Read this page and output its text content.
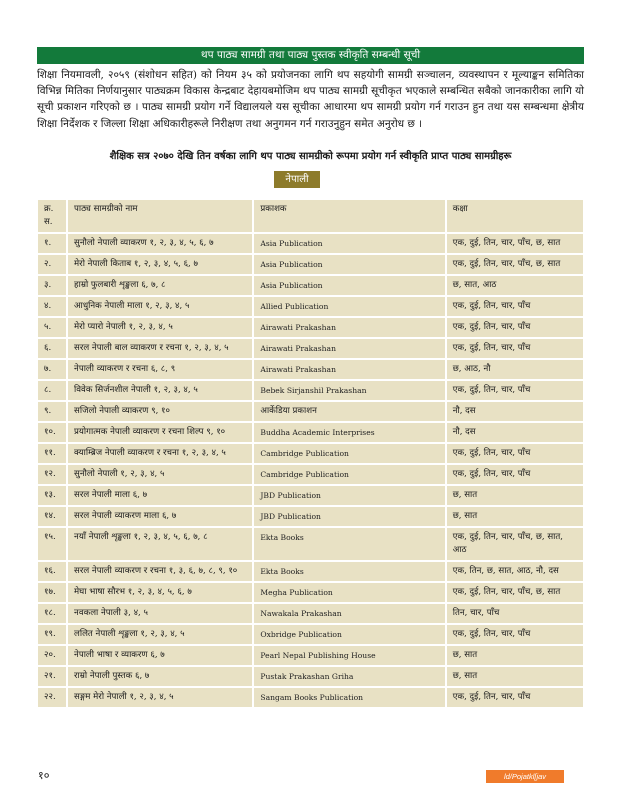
थप पाठ्य सामग्री तथा पाठ्य पुस्तक स्वीकृति सम्बन्धी सूची

शिक्षा नियमावली, २०५९ (संशोधन सहित) को नियम ३५ को प्रयोजनका लागि थप सहयोगी सामग्री सञ्चालन, व्यवस्थापन र मूल्याङ्कन समितिका विभिन्न मितिका निर्णयानुसार पाठ्यक्रम विकास केन्द्रबाट देहायबमोजिम थप पाठ्य सामग्री सूचीकृत भएकाले सम्बन्धित सबैको जानकारीका लागि यो सूची प्रकाशन गरिएको छ । पाठ्य सामग्री प्रयोग गर्ने विद्यालयले यस सूचीका आधारमा थप सामग्री प्रयोग गर्न गराउन हुन तथा यस सम्बन्धमा क्षेत्रीय शिक्षा निर्देशक र जिल्ला शिक्षा अधिकारीहरूले निरीक्षण तथा अनुगमन गर्न गराउनुहुन समेत अनुरोध छ ।

शैक्षिक सत्र २०७० देखि तिन वर्षका लागि थप पाठ्य सामग्रीको रूपमा प्रयोग गर्न स्वीकृति प्राप्त पाठ्य सामग्रीहरू
नेपाली
क्र. स.	पाठ्य सामग्रीको नाम	प्रकाशक	कक्षा
१.	सुनौलो नेपाली व्याकरण १, २, ३, ४, ५, ६, ७	Asia Publication	एक, दुई, तिन, चार, पाँच, छ, सात
२.	मेरो नेपाली किताब १, २, ३, ४, ५, ६, ७	Asia Publication	एक, दुई, तिन, चार, पाँच, छ, सात
३.	हाम्रो फुलबारी शृङ्खला ६, ७, ८	Asia Publication	छ, सात, आठ
४.	आधुनिक नेपाली माला १, २, ३, ४, ५	Allied Publication	एक, दुई, तिन, चार, पाँच
५.	मेरो प्यारो नेपाली १, २, ३, ४, ५	Airawati Prakashan	एक, दुई, तिन, चार, पाँच
६.	सरल नेपाली बाल व्याकरण र रचना १, २, ३, ४, ५	Airawati Prakashan	एक, दुई, तिन, चार, पाँच
७.	नेपाली व्याकरण र रचना ६, ८, ९	Airawati Prakashan	छ, आठ, नौ
८.	विवेक सिर्जनशील नेपाली १, २, ३, ४, ५	Bebek Sirjanshil Prakashan	एक, दुई, तिन, चार, पाँच
९.	सजिलो नेपाली व्याकरण ९, १०	आर्केडिया प्रकाशन	नौ, दस
१०.	प्रयोगात्मक नेपाली व्याकरण र रचना शिल्प ९, १०	Buddha Academic Interprises	नौ, दस
११.	क्याम्ब्रिज नेपाली व्याकरण र रचना १, २, ३, ४, ५	Cambridge Publication	एक, दुई, तिन, चार, पाँच
१२.	सुनौलो नेपाली १, २, ३, ४, ५	Cambridge Publication	एक, दुई, तिन, चार, पाँच
१३.	सरल नेपाली माला ६, ७	JBD Publication	छ, सात
१४.	सरल नेपाली व्याकरण माला ६, ७	JBD Publication	छ, सात
१५.	नयाँ नेपाली शृङ्खला १, २, ३, ४, ५, ६, ७, ८	Ekta Books	एक, दुई, तिन, चार, पाँच, छ, सात, आठ
१६.	सरल नेपाली व्याकरण र रचना १, ३, ६, ७, ८, ९, १०	Ekta Books	एक, तिन, छ, सात, आठ, नौ, दस
१७.	मेघा भाषा सौरभ १, २, ३, ४, ५, ६, ७	Megha Publication	एक, दुई, तिन, चार, पाँच, छ, सात
१८.	नवकला नेपाली ३, ४, ५	Nawakala Prakashan	तिन, चार, पाँच
१९.	ललित नेपाली शृङ्खला १, २, ३, ४, ५	Oxbridge Publication	एक, दुई, तिन, चार, पाँच
२०.	नेपाली भाषा र व्याकरण ६, ७	Pearl Nepal Publishing House	छ, सात
२१.	राम्रो नेपाली पुस्तक ६, ७	Pustak Prakashan Griha	छ, सात
२२.	सङ्गम मेरो नेपाली १, २, ३, ४, ५	Sangam Books Publication	एक, दुई, तिन, चार, पाँच
१०	ld/Pojatkl[jav
